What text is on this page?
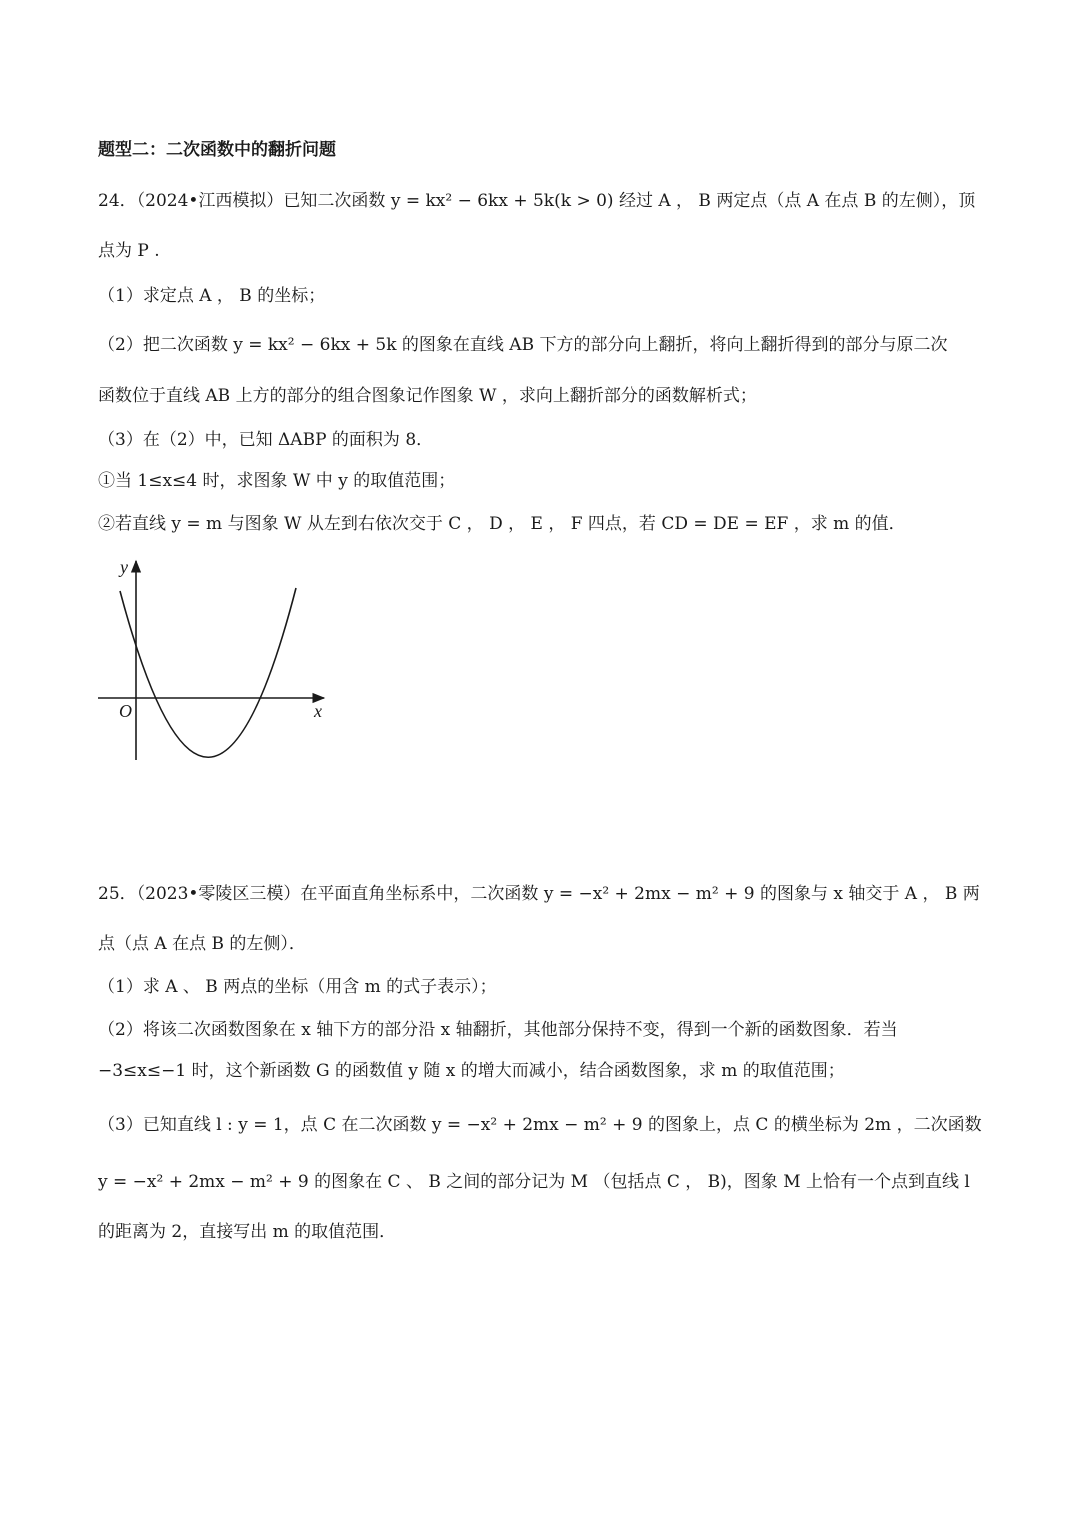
题型二：二次函数中的翻折问题
24．（2024•江西模拟）已知二次函数 y = kx² − 6kx + 5k(k > 0) 经过 A ， B 两定点（点 A 在点 B 的左侧），顶
点为 P .
（1）求定点 A ， B 的坐标；
（2）把二次函数 y = kx² − 6kx + 5k 的图象在直线 AB 下方的部分向上翻折，将向上翻折得到的部分与原二次
函数位于直线 AB 上方的部分的组合图象记作图象 W ，求向上翻折部分的函数解析式；
（3）在（2）中，已知 ΔABP 的面积为 8．
①当 1≤x≤4 时，求图象 W 中 y 的取值范围；
②若直线 y = m 与图象 W 从左到右依次交于 C ， D ， E ， F 四点，若 CD = DE = EF ，求 m 的值．
y
x
O
25．（2023•零陵区三模）在平面直角坐标系中，二次函数 y = −x² + 2mx − m² + 9 的图象与 x 轴交于 A ， B 两
点（点 A 在点 B 的左侧）．
（1）求 A 、 B 两点的坐标（用含 m 的式子表示）；
（2）将该二次函数图象在 x 轴下方的部分沿 x 轴翻折，其他部分保持不变，得到一个新的函数图象．若当
−3≤x≤−1 时，这个新函数 G 的函数值 y 随 x 的增大而减小，结合函数图象，求 m 的取值范围；
（3）已知直线 l : y = 1，点 C 在二次函数 y = −x² + 2mx − m² + 9 的图象上，点 C 的横坐标为 2m ，二次函数
y = −x² + 2mx − m² + 9 的图象在 C 、 B 之间的部分记为 M （包括点 C ， B)，图象 M 上恰有一个点到直线 l
的距离为 2，直接写出 m 的取值范围．
